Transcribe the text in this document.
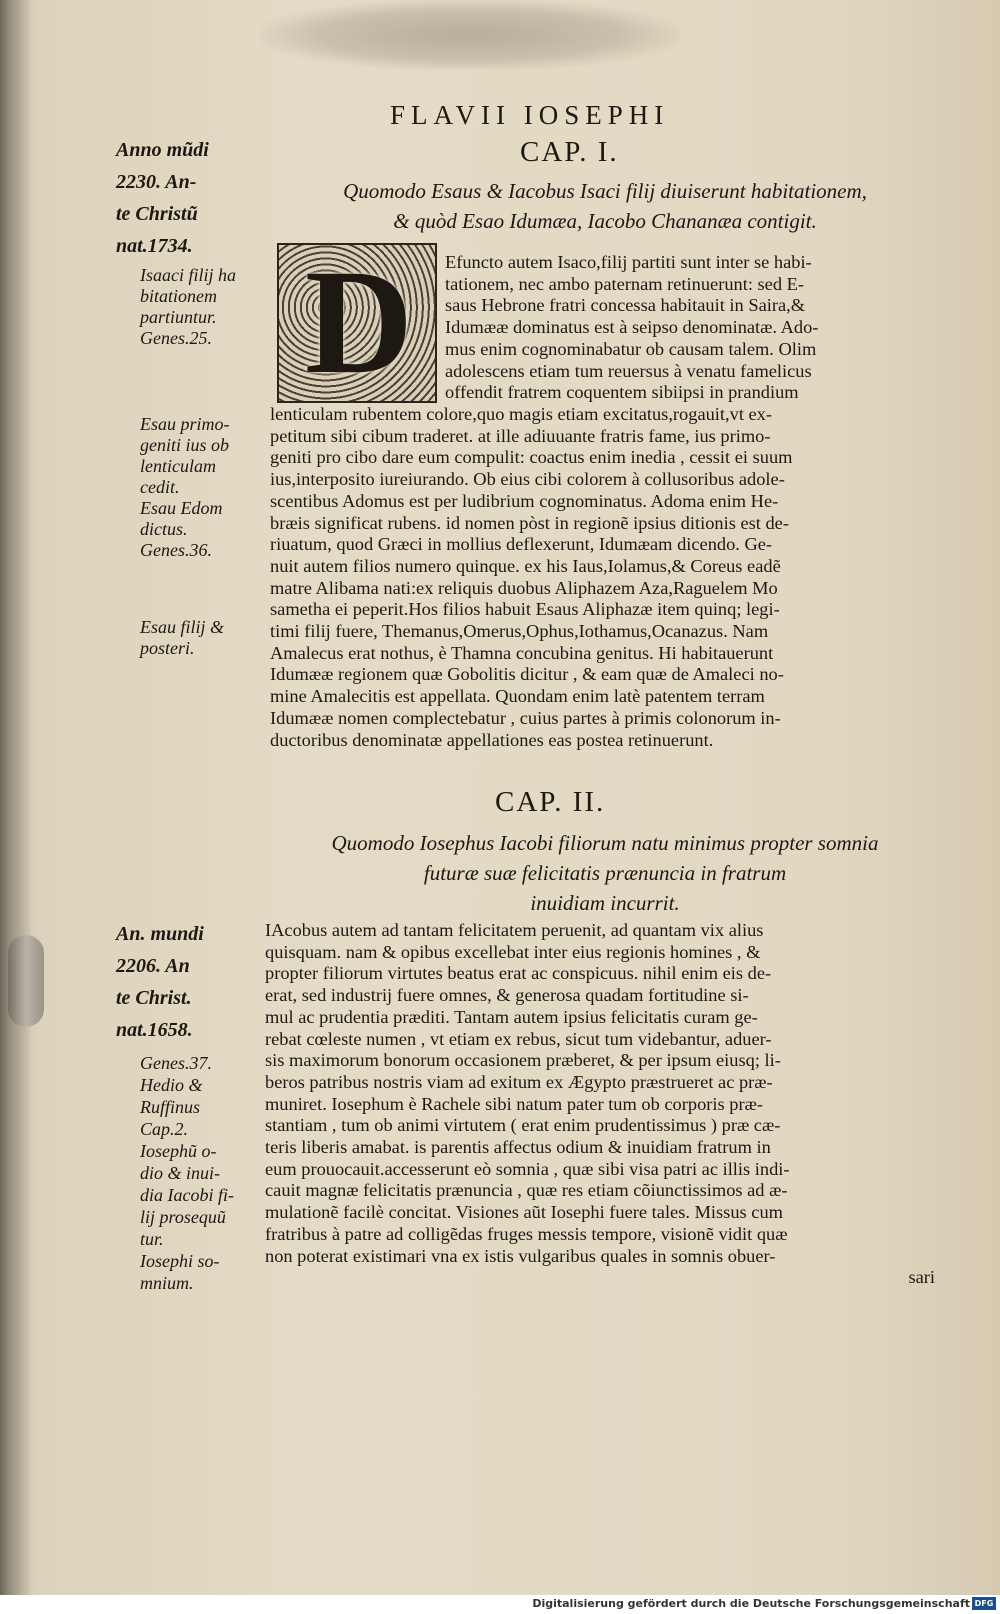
FLAVII IOSEPHI
CAP. I.
Quomodo Esaus & Iacobus Isaci filij diuiserunt habitationem,
& quòd Esao Idumæa, Iacobo Chananæa contigit.
Anno mũdi
2230. An-
te Christũ
nat.1734.
Isaaci filij ha
bitationem
partiuntur.
Genes.25.
Esau primo-
geniti ius ob
lenticulam
cedit.
Esau Edom
dictus.
Genes.36.
Esau filij &
posteri.
D	Efuncto autem Isaco,filij partiti sunt inter se habi-
tationem, nec ambo paternam retinuerunt: sed E-
saus Hebrone fratri concessa habitauit in Saira,&
Idumææ dominatus est à seipso denominatæ. Ado-
mus enim cognominabatur ob causam talem. Olim
adolescens etiam tum reuersus à venatu famelicus
offendit fratrem coquentem sibiipsi in prandium
lenticulam rubentem colore,quo magis etiam excitatus,rogauit,vt ex-
petitum sibi cibum traderet. at ille adiuuante fratris fame, ius primo-
geniti pro cibo dare eum compulit: coactus enim inedia , cessit ei suum
ius,interposito iureiurando. Ob eius cibi colorem à collusoribus adole-
scentibus Adomus est per ludibrium cognominatus. Adoma enim He-
bræis significat rubens. id nomen pòst in regionẽ ipsius ditionis est de-
riuatum, quod Græci in mollius deflexerunt, Idumæam dicendo. Ge-
nuit autem filios numero quinque. ex his Iaus,Iolamus,& Coreus eadẽ
matre Alibama nati:ex reliquis duobus Aliphazem Aza,Raguelem Mo
sametha ei peperit.Hos filios habuit Esaus Aliphazæ item quinq; legi-
timi filij fuere, Themanus,Omerus,Ophus,Iothamus,Ocanazus. Nam
Amalecus erat nothus, è Thamna concubina genitus. Hi habitauerunt
Idumææ regionem quæ Gobolitis dicitur , & eam quæ de Amaleci no-
mine Amalecitis est appellata. Quondam enim latè patentem terram
Idumææ nomen complectebatur , cuius partes à primis colonorum in-
ductoribus denominatæ appellationes eas postea retinuerunt.
CAP. II.
Quomodo Iosephus Iacobi filiorum natu minimus propter somnia
futuræ suæ felicitatis prænuncia in fratrum
inuidiam incurrit.
An. mundi
2206. An
te Christ.
nat.1658.
Genes.37.
Hedio &
Ruffinus
Cap.2.
Iosephũ o-
dio & inui-
dia Iacobi fi-
lij prosequũ
tur.
Iosephi so-
mnium.
IAcobus autem ad tantam felicitatem peruenit, ad quantam vix alius
quisquam. nam & opibus excellebat inter eius regionis homines , &
propter filiorum virtutes beatus erat ac conspicuus. nihil enim eis de-
erat, sed industrij fuere omnes, & generosa quadam fortitudine si-
mul ac prudentia præditi. Tantam autem ipsius felicitatis curam ge-
rebat cœleste numen , vt etiam ex rebus, sicut tum videbantur, aduer-
sis maximorum bonorum occasionem præberet, & per ipsum eiusq; li-
beros patribus nostris viam ad exitum ex Ægypto præstrueret ac præ-
muniret. Iosephum è Rachele sibi natum pater tum ob corporis præ-
stantiam , tum ob animi virtutem ( erat enim prudentissimus ) præ cæ-
teris liberis amabat. is parentis affectus odium & inuidiam fratrum in
eum prouocauit.accesserunt eò somnia , quæ sibi visa patri ac illis indi-
cauit magnæ felicitatis prænuncia , quæ res etiam cõiunctissimos ad æ-
mulationẽ facilè concitat. Visiones aũt Iosephi fuere tales. Missus cum
fratribus à patre ad colligẽdas fruges messis tempore, visionẽ vidit quæ
non poterat existimari vna ex istis vulgaribus quales in somnis obuer-
sari
Digitalisierung gefördert durch die Deutsche Forschungsgemeinschaft DFG
